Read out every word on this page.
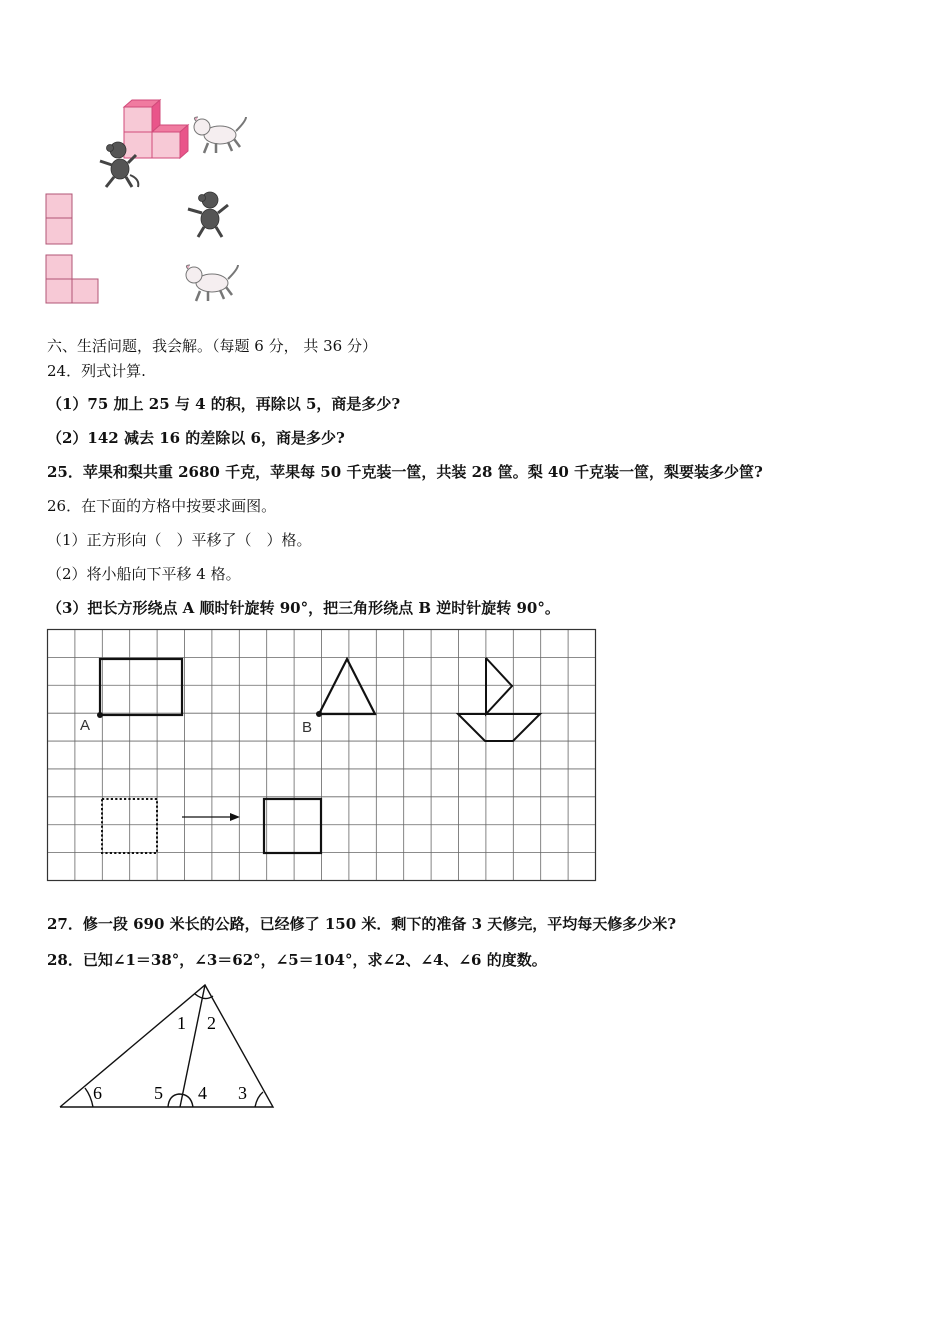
六、生活问题，我会解。（每题 6 分， 共 36 分）
24．列式计算.
（1）75 加上 25 与 4 的积，再除以 5，商是多少?
（2）142 减去 16 的差除以 6，商是多少?
25．苹果和梨共重 2680 千克，苹果每 50 千克装一筐，共装 28 筐。梨 40 千克装一筐，梨要装多少筐?
26．在下面的方格中按要求画图。
（1）正方形向（　）平移了（　）格。
（2）将小船向下平移 4 格。
（3）把长方形绕点 A 顺时针旋转 90°，把三角形绕点 B 逆时针旋转 90°。
A	B
27．修一段 690 米长的公路，已经修了 150 米．剩下的准备 3 天修完，平均每天修多少米?
28．已知∠1＝38°，∠3＝62°，∠5＝104°，求∠2、∠4、∠6 的度数。
1 2
6	5 4 3
